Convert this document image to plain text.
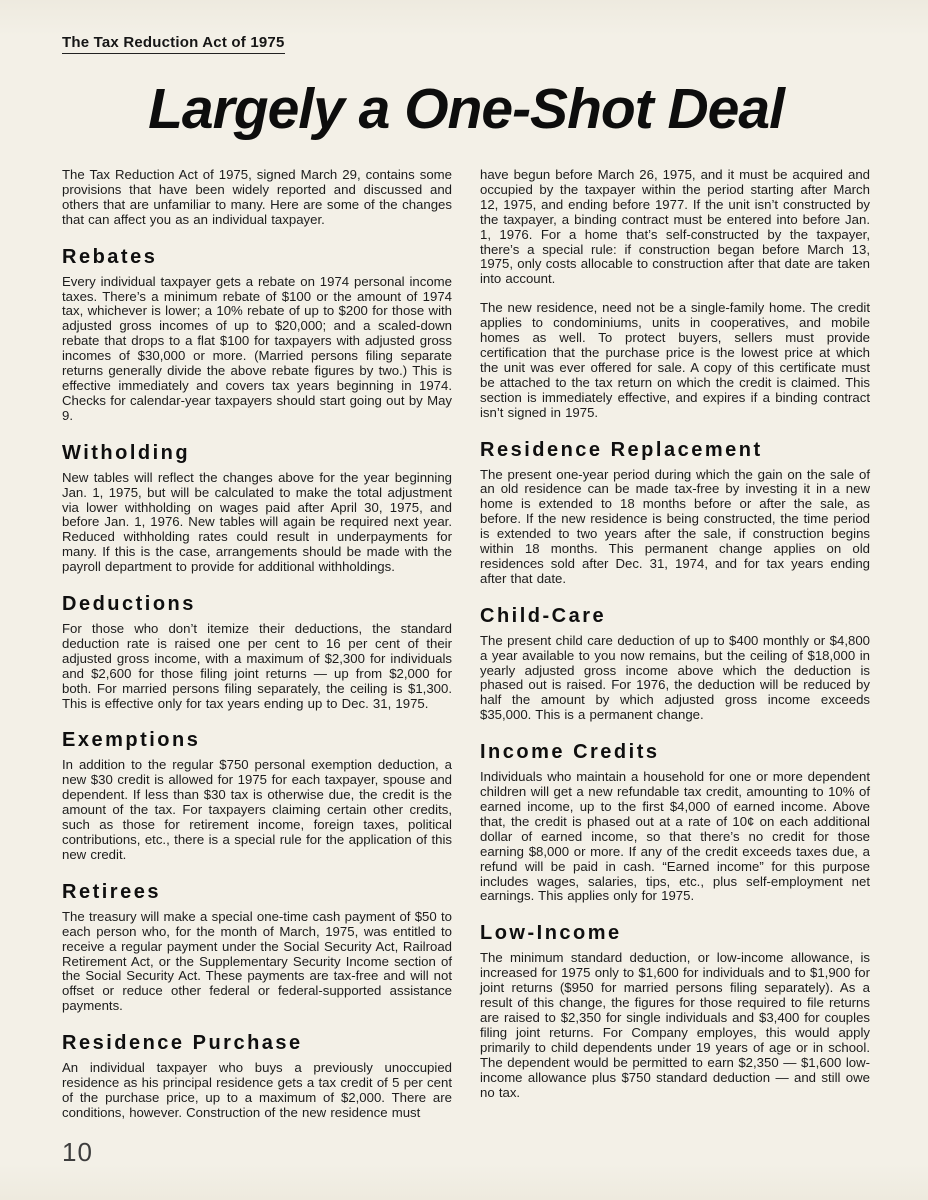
The Tax Reduction Act of 1975
Largely a One-Shot Deal

The Tax Reduction Act of 1975, signed March 29, contains some provisions that have been widely reported and discussed and others that are unfamiliar to many. Here are some of the changes that can affect you as an individual taxpayer.

Rebates

Every individual taxpayer gets a rebate on 1974 personal income taxes. There’s a minimum rebate of $100 or the amount of 1974 tax, whichever is lower; a 10% rebate of up to $200 for those with adjusted gross incomes of up to $20,000; and a scaled-down rebate that drops to a flat $100 for taxpayers with adjusted gross incomes of $30,000 or more. (Married persons filing separate returns generally divide the above rebate figures by two.) This is effective immediately and covers tax years beginning in 1974. Checks for calendar-year taxpayers should start going out by May 9.

Witholding

New tables will reflect the changes above for the year beginning Jan. 1, 1975, but will be calculated to make the total adjustment via lower withholding on wages paid after April 30, 1975, and before Jan. 1, 1976. New tables will again be required next year. Reduced withholding rates could result in underpayments for many. If this is the case, arrangements should be made with the payroll department to provide for additional withholdings.

Deductions

For those who don’t itemize their deductions, the standard deduction rate is raised one per cent to 16 per cent of their adjusted gross income, with a maximum of $2,300 for individuals and $2,600 for those filing joint returns — up from $2,000 for both. For married persons filing separately, the ceiling is $1,300. This is effective only for tax years ending up to Dec. 31, 1975.

Exemptions

In addition to the regular $750 personal exemption deduction, a new $30 credit is allowed for 1975 for each taxpayer, spouse and dependent. If less than $30 tax is otherwise due, the credit is the amount of the tax. For taxpayers claiming certain other credits, such as those for retirement income, foreign taxes, political contributions, etc., there is a special rule for the application of this new credit.

Retirees

The treasury will make a special one-time cash payment of $50 to each person who, for the month of March, 1975, was entitled to receive a regular payment under the Social Security Act, Railroad Retirement Act, or the Supplementary Security Income section of the Social Security Act. These payments are tax-free and will not offset or reduce other federal or federal-supported assistance payments.

Residence Purchase

An individual taxpayer who buys a previously unoccupied residence as his principal residence gets a tax credit of 5 per cent of the purchase price, up to a maximum of $2,000. There are conditions, however. Construction of the new residence must

have begun before March 26, 1975, and it must be acquired and occupied by the taxpayer within the period starting after March 12, 1975, and ending before 1977. If the unit isn’t constructed by the taxpayer, a binding contract must be entered into before Jan. 1, 1976. For a home that’s self-constructed by the taxpayer, there’s a special rule: if construction began before March 13, 1975, only costs allocable to construction after that date are taken into account.

The new residence, need not be a single-family home. The credit applies to condominiums, units in cooperatives, and mobile homes as well. To protect buyers, sellers must provide certification that the purchase price is the lowest price at which the unit was ever offered for sale. A copy of this certificate must be attached to the tax return on which the credit is claimed. This section is immediately effective, and expires if a binding contract isn’t signed in 1975.

Residence Replacement

The present one-year period during which the gain on the sale of an old residence can be made tax-free by investing it in a new home is extended to 18 months before or after the sale, as before. If the new residence is being constructed, the time period is extended to two years after the sale, if construction begins within 18 months. This permanent change applies on old residences sold after Dec. 31, 1974, and for tax years ending after that date.

Child-Care

The present child care deduction of up to $400 monthly or $4,800 a year available to you now remains, but the ceiling of $18,000 in yearly adjusted gross income above which the deduction is phased out is raised. For 1976, the deduction will be reduced by half the amount by which adjusted gross income exceeds $35,000. This is a permanent change.

Income Credits

Individuals who maintain a household for one or more dependent children will get a new refundable tax credit, amounting to 10% of earned income, up to the first $4,000 of earned income. Above that, the credit is phased out at a rate of 10¢ on each additional dollar of earned income, so that there’s no credit for those earning $8,000 or more. If any of the credit exceeds taxes due, a refund will be paid in cash. “Earned income” for this purpose includes wages, salaries, tips, etc., plus self-employment net earnings. This applies only for 1975.

Low-Income

The minimum standard deduction, or low-income allowance, is increased for 1975 only to $1,600 for individuals and to $1,900 for joint returns ($950 for married persons filing separately). As a result of this change, the figures for those required to file returns are raised to $2,350 for single individuals and $3,400 for couples filing joint returns. For Company employes, this would apply primarily to child dependents under 19 years of age or in school. The dependent would be permitted to earn $2,350 — $1,600 low-income allowance plus $750 standard deduction — and still owe no tax.

10
